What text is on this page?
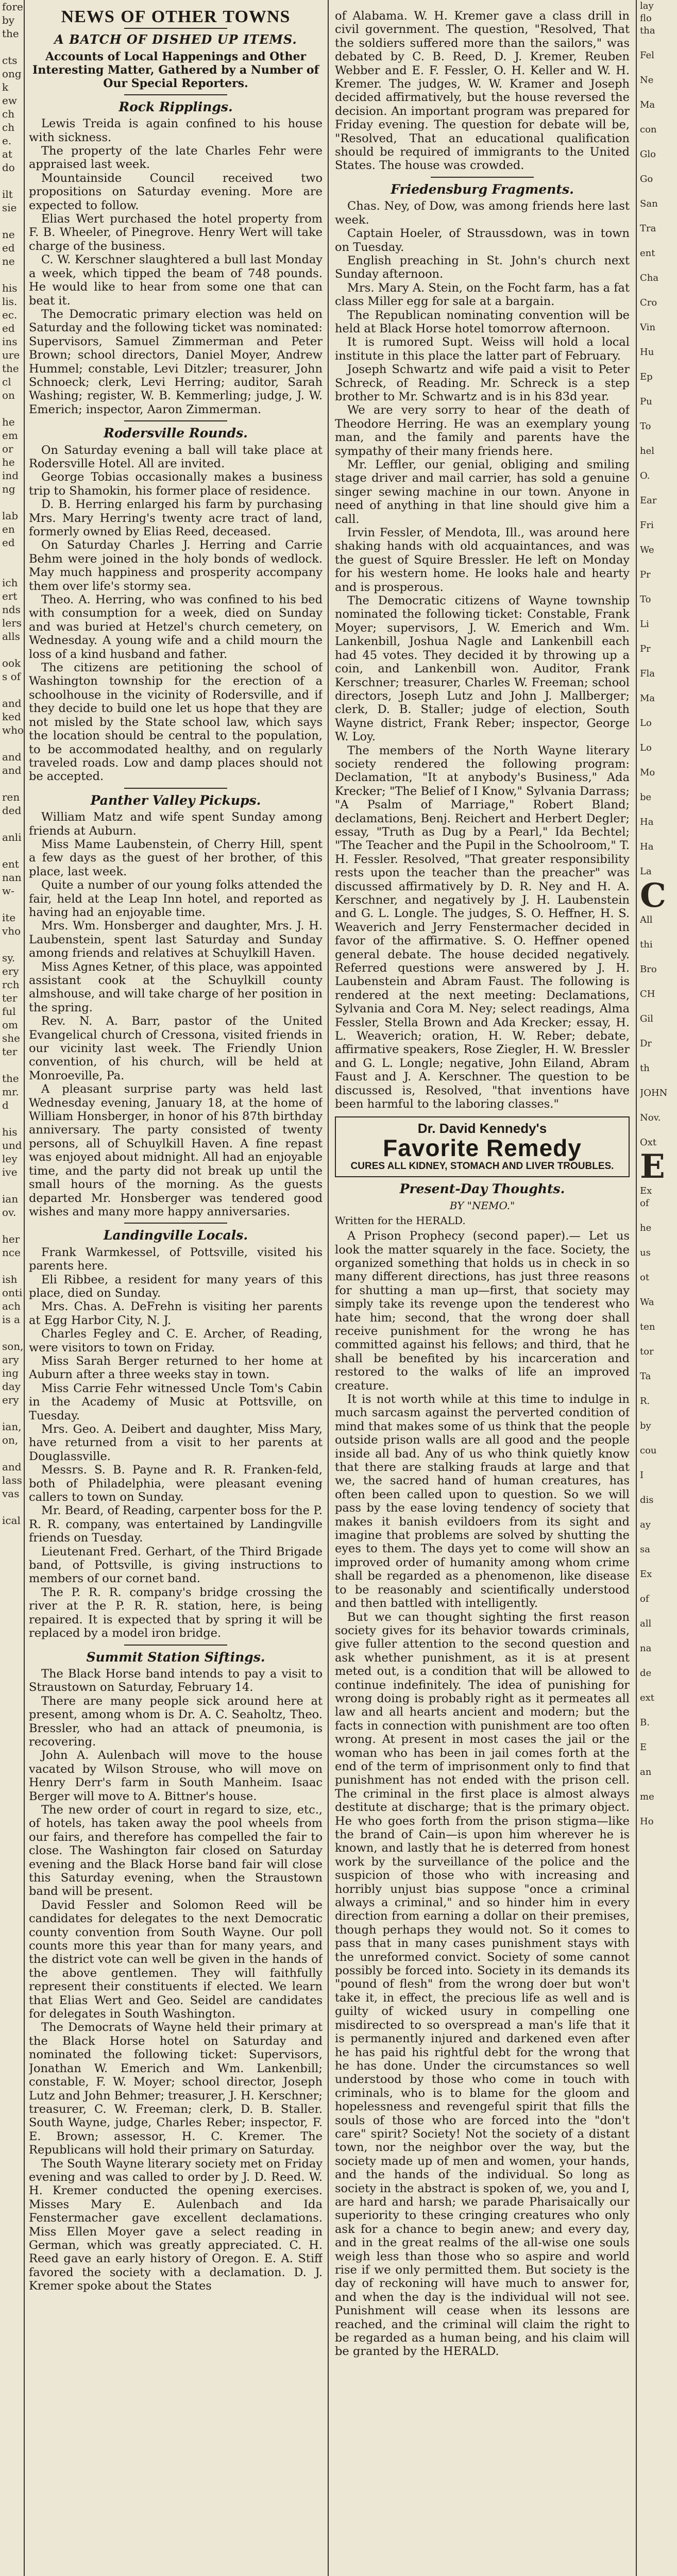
fore
by
the

cts
ong
k
ew
ch
ch
e.
at
do

ilt
sie

ne
ed
ne

his
lis.
ec.
ed
ins
ure
the
cl
on

he
em
or
he
ind
ng

lab
en
ed

ich
ert
nds
lers
alls

ook
s of

and
ked
who

and
and

ren
ded

anli

ent
nan
w-

ite
vho

sy.
ery
rch
ter
ful
om
she
ter

the
mr.
d

his
und
ley
ive

ian
ov.

her
nce

ish
onti
ach
is a

son,
ary
ing
day
ery

ian,
on,

and
lass
vas

ical
NEWS OF OTHER TOWNS
A BATCH OF DISHED UP ITEMS.
Accounts of Local Happenings and Other Interesting Matter, Gathered by a Number of Our Special Reporters.
Rock Ripplings.

Lewis Treida is again confined to his house with sickness.

The property of the late Charles Fehr were appraised last week.

Mountainside Council received two propositions on Saturday evening. More are expected to follow.

Elias Wert purchased the hotel property from F. B. Wheeler, of Pinegrove. Henry Wert will take charge of the business.

C. W. Kerschner slaughtered a bull last Monday a week, which tipped the beam of 748 pounds. He would like to hear from some one that can beat it.

The Democratic primary election was held on Saturday and the following ticket was nominated: Supervisors, Samuel Zimmerman and Peter Brown; school directors, Daniel Moyer, Andrew Hummel; constable, Levi Ditzler; treasurer, John Schnoeck; clerk, Levi Herring; auditor, Sarah Washing; register, W. B. Kemmerling; judge, J. W. Emerich; inspector, Aaron Zimmerman.

Rodersville Rounds.

On Saturday evening a ball will take place at Rodersville Hotel. All are invited.

George Tobias occasionally makes a business trip to Shamokin, his former place of residence.

D. B. Herring enlarged his farm by purchasing Mrs. Mary Herring's twenty acre tract of land, formerly owned by Elias Reed, deceased.

On Saturday Charles J. Herring and Carrie Behm were joined in the holy bonds of wedlock. May much happiness and prosperity accompany them over life's stormy sea.

Theo. A. Herring, who was confined to his bed with consumption for a week, died on Sunday and was buried at Hetzel's church cemetery, on Wednesday. A young wife and a child mourn the loss of a kind husband and father.

The citizens are petitioning the school of Washington township for the erection of a schoolhouse in the vicinity of Rodersville, and if they decide to build one let us hope that they are not misled by the State school law, which says the location should be central to the population, to be accommodated healthy, and on regularly traveled roads. Low and damp places should not be accepted.

Panther Valley Pickups.

William Matz and wife spent Sunday among friends at Auburn.

Miss Mame Laubenstein, of Cherry Hill, spent a few days as the guest of her brother, of this place, last week.

Quite a number of our young folks attended the fair, held at the Leap Inn hotel, and reported as having had an enjoyable time.

Mrs. Wm. Honsberger and daughter, Mrs. J. H. Laubenstein, spent last Saturday and Sunday among friends and relatives at Schuylkill Haven.

Miss Agnes Ketner, of this place, was appointed assistant cook at the Schuylkill county almshouse, and will take charge of her position in the spring.

Rev. N. A. Barr, pastor of the United Evangelical church of Cressona, visited friends in our vicinity last week. The Friendly Union convention, of his church, will be held at Monroeville, Pa.

A pleasant surprise party was held last Wednesday evening, January 18, at the home of William Honsberger, in honor of his 87th birthday anniversary. The party consisted of twenty persons, all of Schuylkill Haven. A fine repast was enjoyed about midnight. All had an enjoyable time, and the party did not break up until the small hours of the morning. As the guests departed Mr. Honsberger was tendered good wishes and many more happy anniversaries.

Landingville Locals.

Frank Warmkessel, of Pottsville, visited his parents here.

Eli Ribbee, a resident for many years of this place, died on Sunday.

Mrs. Chas. A. DeFrehn is visiting her parents at Egg Harbor City, N. J.

Charles Fegley and C. E. Archer, of Reading, were visitors to town on Friday.

Miss Sarah Berger returned to her home at Auburn after a three weeks stay in town.

Miss Carrie Fehr witnessed Uncle Tom's Cabin in the Academy of Music at Pottsville, on Tuesday.

Mrs. Geo. A. Deibert and daughter, Miss Mary, have returned from a visit to her parents at Douglassville.

Messrs. S. B. Payne and R. R. Franken-feld, both of Philadelphia, were pleasant evening callers to town on Sunday.

Mr. Beard, of Reading, carpenter boss for the P. R. R. company, was entertained by Landingville friends on Tuesday.

Lieutenant Fred. Gerhart, of the Third Brigade band, of Pottsville, is giving instructions to members of our cornet band.

The P. R. R. company's bridge crossing the river at the P. R. R. station, here, is being repaired. It is expected that by spring it will be replaced by a model iron bridge.

Summit Station Siftings.

The Black Horse band intends to pay a visit to Straustown on Saturday, February 14.

There are many people sick around here at present, among whom is Dr. A. C. Seaholtz, Theo. Bressler, who had an attack of pneumonia, is recovering.

John A. Aulenbach will move to the house vacated by Wilson Strouse, who will move on Henry Derr's farm in South Manheim. Isaac Berger will move to A. Bittner's house.

The new order of court in regard to size, etc., of hotels, has taken away the pool wheels from our fairs, and therefore has compelled the fair to close. The Washington fair closed on Saturday evening and the Black Horse band fair will close this Saturday evening, when the Straustown band will be present.

David Fessler and Solomon Reed will be candidates for delegates to the next Democratic county convention from South Wayne. Our poll counts more this year than for many years, and the district vote can well be given in the hands of the above gentlemen. They will faithfully represent their constituents if elected. We learn that Elias Wert and Geo. Seidel are candidates for delegates in South Washington.

The Democrats of Wayne held their primary at the Black Horse hotel on Saturday and nominated the following ticket: Supervisors, Jonathan W. Emerich and Wm. Lankenbill; constable, F. W. Moyer; school director, Joseph Lutz and John Behmer; treasurer, J. H. Kerschner; treasurer, C. W. Freeman; clerk, D. B. Staller. South Wayne, judge, Charles Reber; inspector, F. E. Brown; assessor, H. C. Kremer. The Republicans will hold their primary on Saturday.

The South Wayne literary society met on Friday evening and was called to order by J. D. Reed. W. H. Kremer conducted the opening exercises. Misses Mary E. Aulenbach and Ida Fenstermacher gave excellent declamations. Miss Ellen Moyer gave a select reading in German, which was greatly appreciated. C. H. Reed gave an early history of Oregon. E. A. Stiff favored the society with a declamation. D. J. Kremer spoke about the States

of Alabama. W. H. Kremer gave a class drill in civil government. The question, "Resolved, That the soldiers suffered more than the sailors," was debated by C. B. Reed, D. J. Kremer, Reuben Webber and E. F. Fessler, O. H. Keller and W. H. Kremer. The judges, W. W. Kramer and Joseph decided affirmatively, but the house reversed the decision. An important program was prepared for Friday evening. The question for debate will be, "Resolved, That an educational qualification should be required of immigrants to the United States. The house was crowded.

Friedensburg Fragments.

Chas. Ney, of Dow, was among friends here last week.

Captain Hoeler, of Straussdown, was in town on Tuesday.

English preaching in St. John's church next Sunday afternoon.

Mrs. Mary A. Stein, on the Focht farm, has a fat class Miller egg for sale at a bargain.

The Republican nominating convention will be held at Black Horse hotel tomorrow afternoon.

It is rumored Supt. Weiss will hold a local institute in this place the latter part of February.

Joseph Schwartz and wife paid a visit to Peter Schreck, of Reading. Mr. Schreck is a step brother to Mr. Schwartz and is in his 83d year.

We are very sorry to hear of the death of Theodore Herring. He was an exemplary young man, and the family and parents have the sympathy of their many friends here.

Mr. Leffler, our genial, obliging and smiling stage driver and mail carrier, has sold a genuine singer sewing machine in our town. Anyone in need of anything in that line should give him a call.

Irvin Fessler, of Mendota, Ill., was around here shaking hands with old acquaintances, and was the guest of Squire Bressler. He left on Monday for his western home. He looks hale and hearty and is prosperous.

The Democratic citizens of Wayne township nominated the following ticket: Constable, Frank Moyer; supervisors, J. W. Emerich and Wm. Lankenbill, Joshua Nagle and Lankenbill each had 45 votes. They decided it by throwing up a coin, and Lankenbill won. Auditor, Frank Kerschner; treasurer, Charles W. Freeman; school directors, Joseph Lutz and John J. Mallberger; clerk, D. B. Staller; judge of election, South Wayne district, Frank Reber; inspector, George W. Loy.

The members of the North Wayne literary society rendered the following program: Declamation, "It at anybody's Business," Ada Krecker; "The Belief of I Know," Sylvania Darrass; "A Psalm of Marriage," Robert Bland; declamations, Benj. Reichert and Herbert Degler; essay, "Truth as Dug by a Pearl," Ida Bechtel; "The Teacher and the Pupil in the Schoolroom," T. H. Fessler. Resolved, "That greater responsibility rests upon the teacher than the preacher" was discussed affirmatively by D. R. Ney and H. A. Kerschner, and negatively by J. H. Laubenstein and G. L. Longle. The judges, S. O. Heffner, H. S. Weaverich and Jerry Fenstermacher decided in favor of the affirmative. S. O. Heffner opened general debate. The house decided negatively. Referred questions were answered by J. H. Laubenstein and Abram Faust. The following is rendered at the next meeting: Declamations, Sylvania and Cora M. Ney; select readings, Alma Fessler, Stella Brown and Ada Krecker; essay, H. L. Weaverich; oration, H. W. Reber; debate, affirmative speakers, Rose Ziegler, H. W. Bressler and G. L. Longle; negative, John Eiland, Abram Faust and J. A. Kerschner. The question to be discussed is, Resolved, "that inventions have been harmful to the laboring classes."

Dr. David Kennedy's
Favorite Remedy
CURES ALL KIDNEY, STOMACH AND LIVER TROUBLES.
Present-Day Thoughts.
BY "NEMO."

Written for the HERALD.

A Prison Prophecy (second paper).— Let us look the matter squarely in the face. Society, the organized something that holds us in check in so many different directions, has just three reasons for shutting a man up—first, that society may simply take its revenge upon the tenderest who hate him; second, that the wrong doer shall receive punishment for the wrong he has committed against his fellows; and third, that he shall be benefited by his incarceration and restored to the walks of life an improved creature.

It is not worth while at this time to indulge in much sarcasm against the perverted condition of mind that makes some of us think that the people outside prison walls are all good and the people inside all bad. Any of us who think quietly know that there are stalking frauds at large and that we, the sacred hand of human creatures, has often been called upon to question. So we will pass by the ease loving tendency of society that makes it banish evildoers from its sight and imagine that problems are solved by shutting the eyes to them. The days yet to come will show an improved order of humanity among whom crime shall be regarded as a phenomenon, like disease to be reasonably and scientifically understood and then battled with intelligently.

But we can thought sighting the first reason society gives for its behavior towards criminals, give fuller attention to the second question and ask whether punishment, as it is at present meted out, is a condition that will be allowed to continue indefinitely. The idea of punishing for wrong doing is probably right as it permeates all law and all hearts ancient and modern; but the facts in connection with punishment are too often wrong. At present in most cases the jail or the woman who has been in jail comes forth at the end of the term of imprisonment only to find that punishment has not ended with the prison cell. The criminal in the first place is almost always destitute at discharge; that is the primary object. He who goes forth from the prison stigma—like the brand of Cain—is upon him wherever he is known, and lastly that he is deterred from honest work by the surveillance of the police and the suspicion of those who with increasing and horribly unjust bias suppose "once a criminal always a criminal," and so hinder him in every direction from earning a dollar on their premises, though perhaps they would not. So it comes to pass that in many cases punishment stays with the unreformed convict. Society of some cannot possibly be forced into. Society in its demands its "pound of flesh" from the wrong doer but won't take it, in effect, the precious life as well and is guilty of wicked usury in compelling one misdirected to so overspread a man's life that it is permanently injured and darkened even after he has paid his rightful debt for the wrong that he has done. Under the circumstances so well understood by those who come in touch with criminals, who is to blame for the gloom and hopelessness and revengeful spirit that fills the souls of those who are forced into the "don't care" spirit? Society! Not the society of a distant town, nor the neighbor over the way, but the society made up of men and women, your hands, and the hands of the individual. So long as society in the abstract is spoken of, we, you and I, are hard and harsh; we parade Pharisaically our superiority to these cringing creatures who only ask for a chance to begin anew; and every day, and in the great realms of the all-wise one souls weigh less than those who so aspire and world rise if we only permitted them. But society is the day of reckoning will have much to answer for, and when the day is the individual will not see. Punishment will cease when its lessons are reached, and the criminal will claim the right to be regarded as a human being, and his claim will be granted by the HERALD.

lay
flo
tha

Fel

Ne

Ma

con

Glo

Go

San

Tra

ent

Cha

Cro

Vin

Hu

Ep

Pu

To

hel

O.

Ear

Fri

We

Pr

To

Li

Pr

Fla

Ma

Lo

Lo

Mo

be

Ha

Ha

La
C
All

thi

Bro

CH

Gil

Dr

th

JOHN

Nov.

Oxt
E
Ex
of

he

us

ot

Wa

ten

tor

Ta

R.

by

cou

I

dis

ay

sa

Ex

of

all

na

de

ext

B.

E

an

me

Ho
